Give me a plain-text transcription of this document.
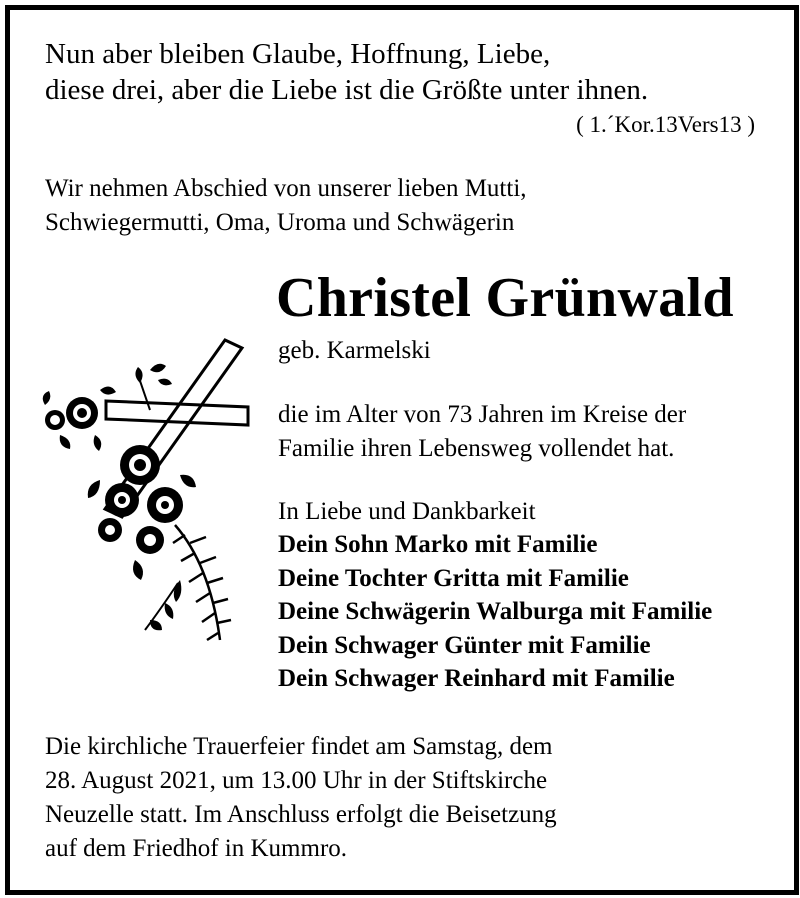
Nun aber bleiben Glaube, Hoffnung, Liebe,
diese drei, aber die Liebe ist die Größte unter ihnen.
( 1.´Kor.13Vers13 )
Wir nehmen Abschied von unserer lieben Mutti,
Schwiegermutti, Oma, Uroma und Schwägerin
Christel Grünwald
geb. Karmelski
die im Alter von 73 Jahren im Kreise der
Familie ihren Lebensweg vollendet hat.
In Liebe und Dankbarkeit
Dein Sohn Marko mit Familie
Deine Tochter Gritta mit Familie
Deine Schwägerin Walburga mit Familie
Dein Schwager Günter mit Familie
Dein Schwager Reinhard mit Familie
Die kirchliche Trauerfeier findet am Samstag, dem
28. August 2021, um 13.00 Uhr in der Stiftskirche
Neuzelle statt. Im Anschluss erfolgt die Beisetzung
auf dem Friedhof in Kummro.
